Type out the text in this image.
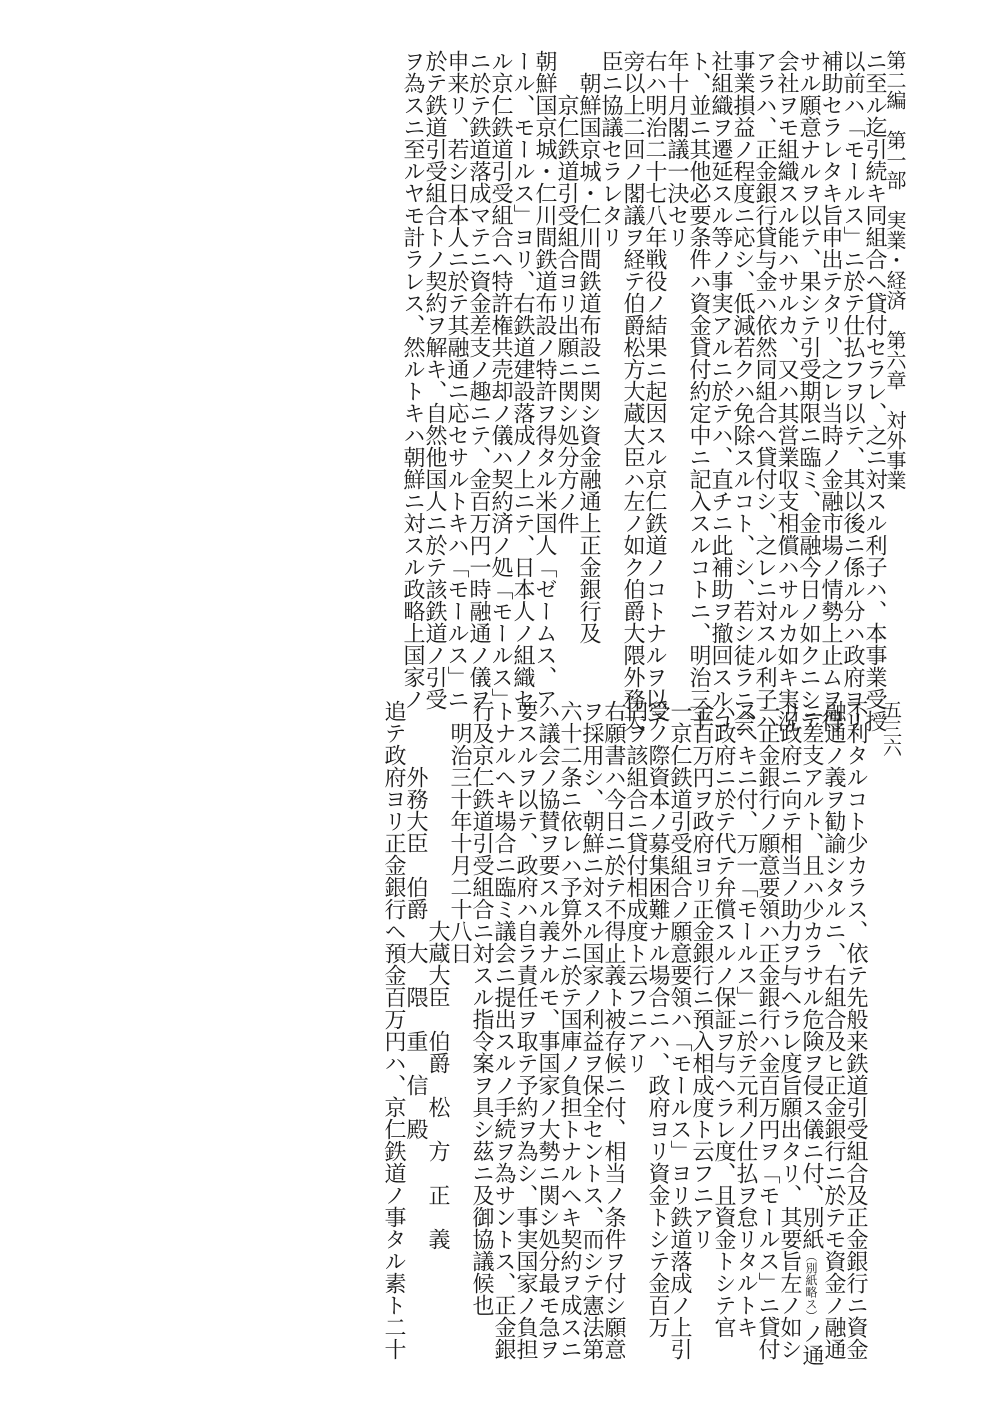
第二編　第一部　実業・経済　第六章　対外事業
ニ至ル迄引続キ同組合ヘ貸付セラレ、之ニ対スル利子ハ、本事業受授
以前ハ「モールス」ニ於テ仕払フヲ以テ、其以後ニ係ル分ハ政府ヨリ
補助セラレタキ旨申出テタリ、之レ当時ノ金融市場ノ情勢上止ムヲ得
サル願意ナルヲ以テ、果シテ引受期限ニ臨ミ、金融今日ノ如クニシテ
会社ヲモ組織スル能ハサルカ、又ハ其営業収支相償ハサルカ如キ実況
アラハ、正金銀行貸与金ハ依然同組合ヘ貸付シ、之レニ対スル利子ハ
事業損益ノ程度ニ応シ、低減若クハ免除スルコト、シ、若シ徒ラニ会
社組織ヲ遷延スル等ノ事実アルニ於テハ、直チニ此補助ヲ撤回スルコ
ト、並ニ其他必要条件ハ資金貸付約定中ニ記入スルコトニ、明治三十
年十月閣議一決セリ
右ハ明治二十七八年戦役ノ結果ニ起因スル京仁鉄道ノコトナルヲ以テ
旁以上二回ノ閣議ヲ経テ伯爵松方大蔵大臣ハ左ノ如ク伯爵大隈外務大
臣ニ協議セラレタリ
　朝鮮国京城・仁川間鉄道布設ニ関シ資金融通上正金銀行及
　　京仁鉄道引受組合ヨリ出願ニ関シ処分方ノ件
朝鮮国京城・仁川間鉄道布設ノ特許ヲ得タル米国人「ゼームス、ア
ール、モールス」ヨリ、右鉄道建設落成ノ上ニテ、日本人ノ組織セ
ル京仁鉄道引受組合ヘ特許権共売却ノ儀ハ契約済ノ処「モールス」
ニ於テ鉄道落成マテニ資金差支ノ趣ニテ、金百万円一時融通ノ儀ヲ
申来リ、若シ日本人ニ於テ其融通ニ応セサルトキハ「モールス」ニ
於テ鉄道引受組合トノ契約ヲ解キ、自然他国人ニ於テ該鉄道ノ引受
ヲ為スニ至ルヤモ計ラレス、然ルトキハ朝鮮ニ対スル政略上国家ノ
五三六
不利タルコト少カラス、依テ先般来鉄道引受組合及正金銀行ニ資金
融通ノ義ヲ勧諭シタルニ、右組合及ヒ正金銀行ニ於テモ資金ノ融通
ニ差支アルト、且ハ少カラサル危険ヲ侵ス儀ニ付、別紙（別紙略ス）ノ通
リ政府ニ向テ相当ノ助力ヲ与ヘラレ度旨願出タリ、其要旨左ノ如シ
一正金銀行ノ願意要領ハ正金銀行ハ金百万円ヲ「モールス」ニ貸付
スヘキニ付、万一「モールス」ニ於テ元利ノ仕払ヲ怠リタルトキ
ハ政府ニ於テ代テ弁償スルノ保証ヲ与ヘラレ度、且資金トシテ官
金百万円ヲ政府ヨリ正金銀行ニ預入相成度ト云フニアリ
一京仁鉄道引受組合ノ願意要領ハ「モールス」ヨリ鉄道落成ノ上引
受ノ際資本ノ募集困難ナル場合ニハ、政府ヨリ資金トシテ金百万
円ヲ該組合ニ貸付相成度ト云フニアリ
右願書ハ今日ニ於テ不得止義ト被存候ニ付、相当ノ条件ヲ付シ願意
ヲ採用シ、朝鮮ニ対スル国家ノ利益ヲ保全セントス、而シテ憲法第
六十二条ニ依レハ予算外ニ於テ国庫ノ負担トナルヘキ契約ヲ成スニ
ハ議会ノ協賛ヲ要スル義ナルモ、事国家ノ大勢ニ関シ処分最モ急ヲ
要スルヲ以テ、政府ハ自ラ責任ヲ取テ予約ヲ為シ、事実国家ノ負担
トナルヘキ場合ニ臨ミ議会ニ提出スルノ手続ヲ為サントス、正金銀
行及京仁鉄道引受組合ニ対スル指令案ヲ具シ茲ニ及御協議候也
　明治三十年十月二十八日
　　　　　　　　　　大蔵大臣　伯爵　松　方　正　義
　　　外務大臣　伯爵　大　隈　重　信　殿
追テ政府ヨリ正金銀行ヘ預金百万円ハ、京仁鉄道ノ事タル素ト二十
